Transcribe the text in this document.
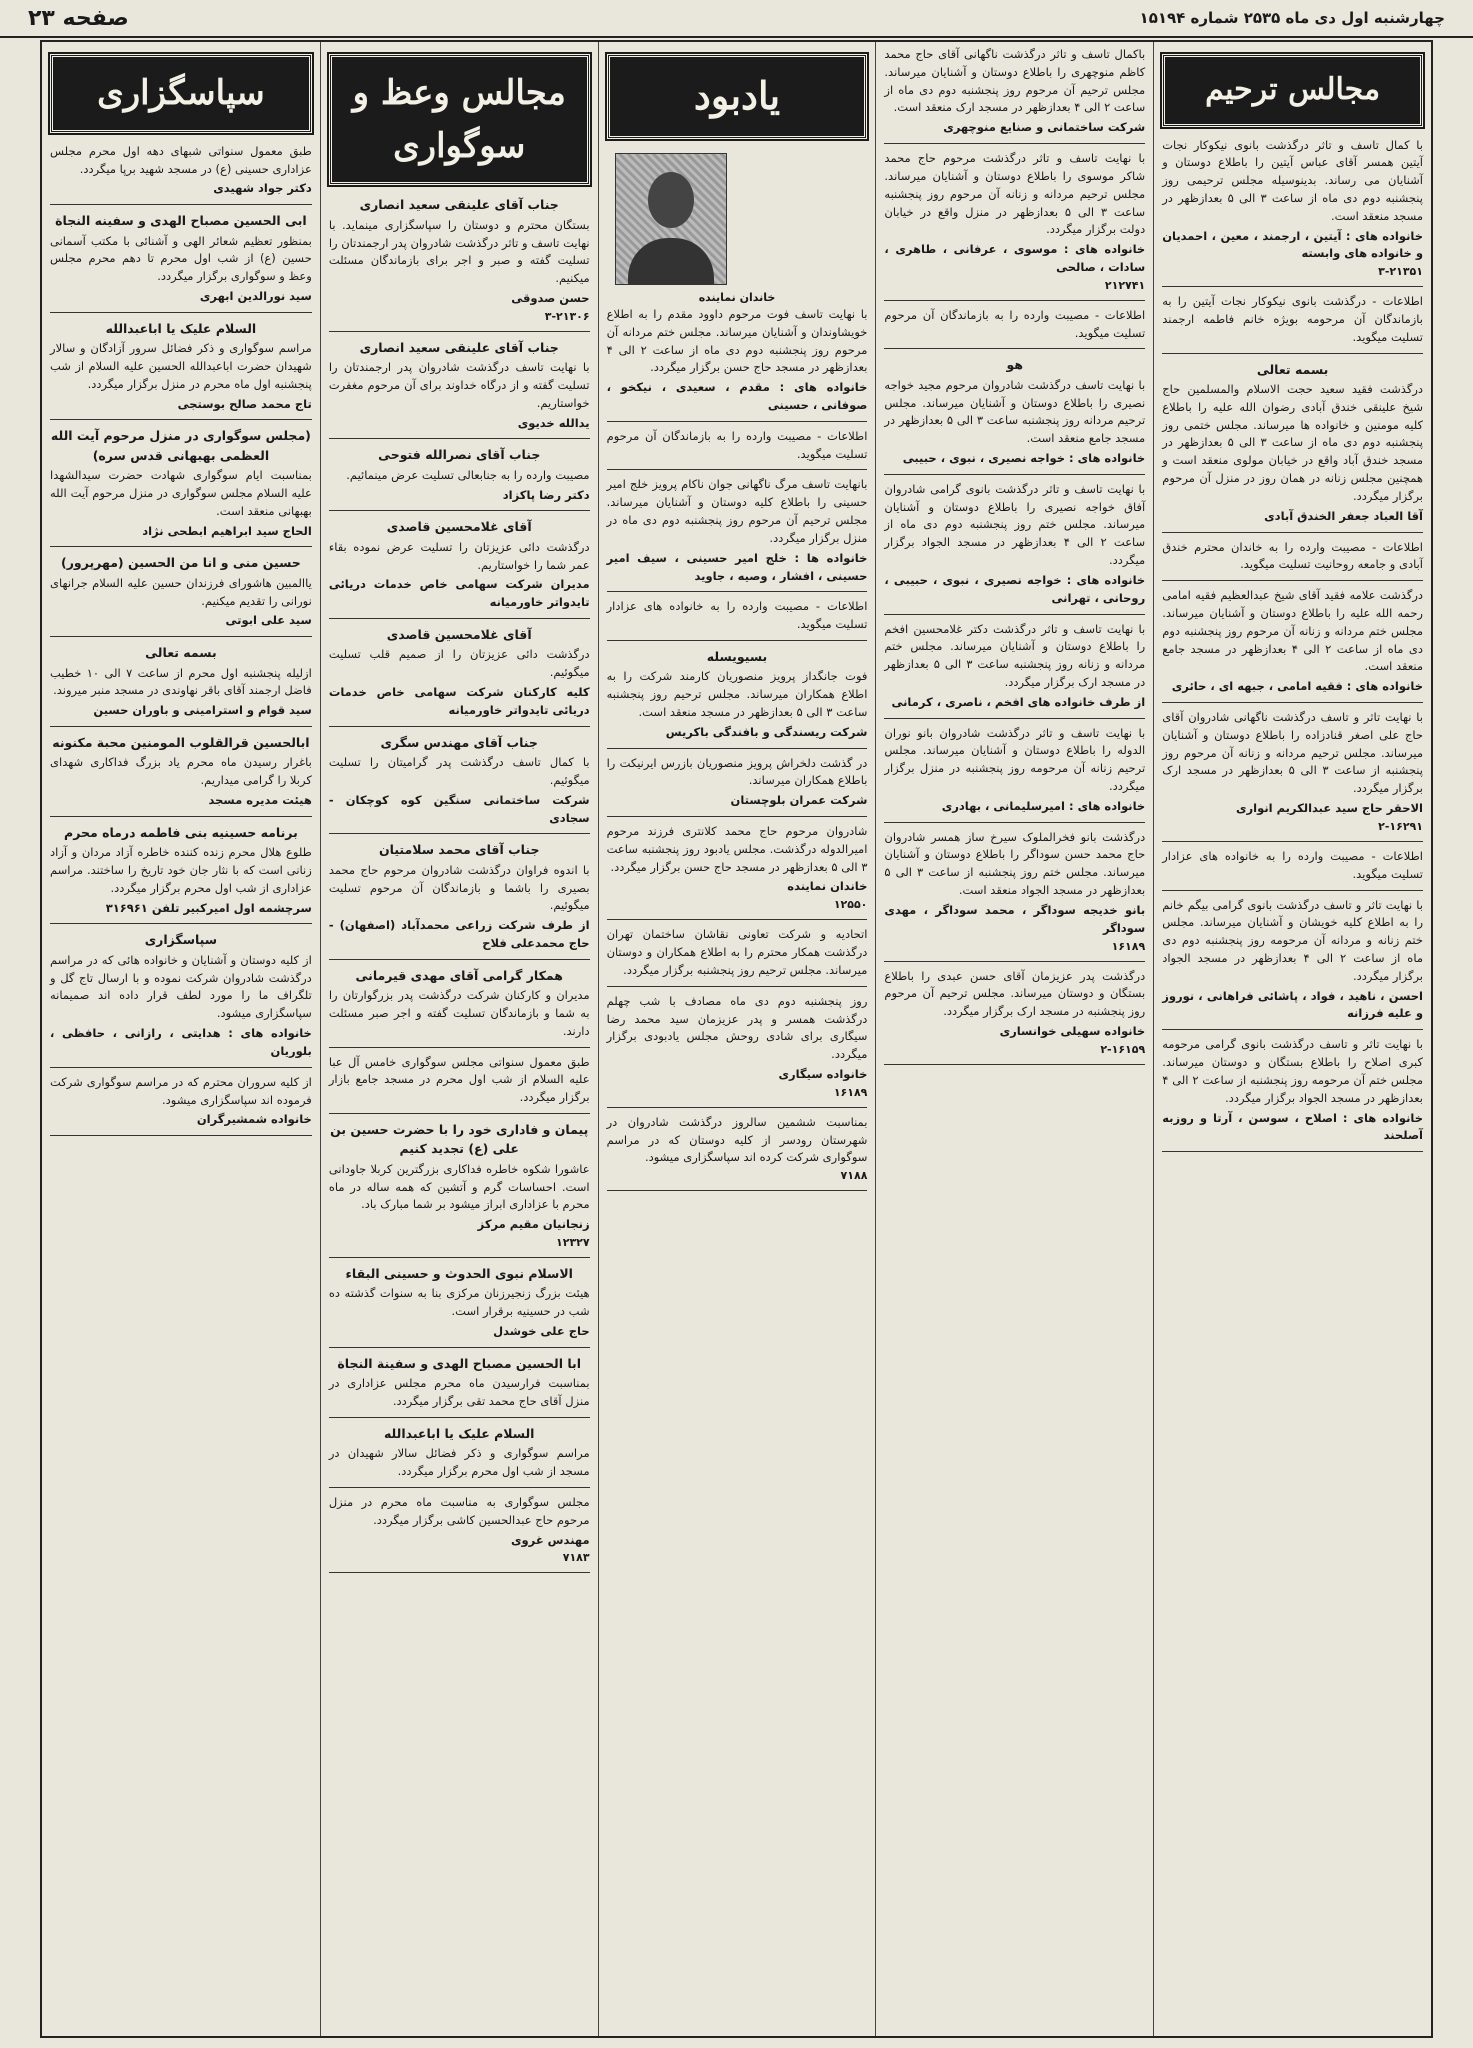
چهارشنبه اول دی ماه ۲۵۳۵ شماره ۱۵۱۹۴
صفحه ۲۳
مجالس ترحیم

با کمال تاسف و تاثر درگذشت بانوی نیکوکار نجات آیتین همسر آقای عباس آیتین را باطلاع دوستان و آشنایان می رساند. بدینوسیله مجلس ترحیمی روز پنجشنبه دوم دی ماه از ساعت ۳ الی ۵ بعدازظهر در مسجد منعقد است.

خانواده های : آیتین ، ارجمند ، معین ، احمدیان و خانواده های وابسته

۳-۲۱۳۵۱

اطلاعات - درگذشت بانوی نیکوکار نجات آیتین را به بازماندگان آن مرحومه بویژه خانم فاطمه ارجمند تسلیت میگوید.

بسمه تعالی

درگذشت فقید سعید حجت الاسلام والمسلمین حاج شیخ علینقی خندق آبادی رضوان الله علیه را باطلاع کلیه مومنین و خانواده ها میرساند. مجلس ختمی روز پنجشنبه دوم دی ماه از ساعت ۳ الی ۵ بعدازظهر در مسجد خندق آباد واقع در خیابان مولوی منعقد است و همچنین مجلس زنانه در همان روز در منزل آن مرحوم برگزار میگردد.

آقا العباد جعفر الخندق آبادی

اطلاعات - مصیبت وارده را به خاندان محترم خندق آبادی و جامعه روحانیت تسلیت میگوید.

درگذشت علامه فقید آقای شیخ عبدالعظیم فقیه امامی رحمه الله علیه را باطلاع دوستان و آشنایان میرساند. مجلس ختم مردانه و زنانه آن مرحوم روز پنجشنبه دوم دی ماه از ساعت ۲ الی ۴ بعدازظهر در مسجد جامع منعقد است.

خانواده های : فقیه امامی ، جبهه ای ، حائری

با نهایت تاثر و تاسف درگذشت ناگهانی شادروان آقای حاج علی اصغر قنادزاده را باطلاع دوستان و آشنایان میرساند. مجلس ترحیم مردانه و زنانه آن مرحوم روز پنجشنبه از ساعت ۳ الی ۵ بعدازظهر در مسجد ارک برگزار میگردد.

الاحقر حاج سید عبدالکریم انواری

۲-۱۶۲۹۱

اطلاعات - مصیبت وارده را به خانواده های عزادار تسلیت میگوید.

با نهایت تاثر و تاسف درگذشت بانوی گرامی بیگم خانم را به اطلاع کلیه خویشان و آشنایان میرساند. مجلس ختم زنانه و مردانه آن مرحومه روز پنجشنبه دوم دی ماه از ساعت ۲ الی ۴ بعدازظهر در مسجد الجواد برگزار میگردد.

احسن ، ناهید ، فواد ، پاشائی فراهانی ، نوروز و علیه فرزانه

با نهایت تاثر و تاسف درگذشت بانوی گرامی مرحومه کبری اصلاح را باطلاع بستگان و دوستان میرساند. مجلس ختم آن مرحومه روز پنجشنبه از ساعت ۲ الی ۴ بعدازظهر در مسجد الجواد برگزار میگردد.

خانواده های : اصلاح ، سوسن ، آرتا و روزبه آصلحند

باکمال تاسف و تاثر درگذشت ناگهانی آقای حاج محمد کاظم منوچهری را باطلاع دوستان و آشنایان میرساند. مجلس ترحیم آن مرحوم روز پنجشنبه دوم دی ماه از ساعت ۲ الی ۴ بعدازظهر در مسجد ارک منعقد است.

شرکت ساختمانی و صنایع منوچهری

با نهایت تاسف و تاثر درگذشت مرحوم حاج محمد شاکر موسوی را باطلاع دوستان و آشنایان میرساند. مجلس ترحیم مردانه و زنانه آن مرحوم روز پنجشنبه ساعت ۳ الی ۵ بعدازظهر در منزل واقع در خیابان دولت برگزار میگردد.

خانواده های : موسوی ، عرفانی ، طاهری ، سادات ، صالحی

۲۱۲۷۴۱

اطلاعات - مصیبت وارده را به بازماندگان آن مرحوم تسلیت میگوید.

هو

با نهایت تاسف درگذشت شادروان مرحوم مجید خواجه نصیری را باطلاع دوستان و آشنایان میرساند. مجلس ترحیم مردانه روز پنجشنبه ساعت ۳ الی ۵ بعدازظهر در مسجد جامع منعقد است.

خانواده های : خواجه نصیری ، نبوی ، حبیبی

با نهایت تاسف و تاثر درگذشت بانوی گرامی شادروان آفاق خواجه نصیری را باطلاع دوستان و آشنایان میرساند. مجلس ختم روز پنجشنبه دوم دی ماه از ساعت ۲ الی ۴ بعدازظهر در مسجد الجواد برگزار میگردد.

خانواده های : خواجه نصیری ، نبوی ، حبیبی ، روحانی ، تهرانی

با نهایت تاسف و تاثر درگذشت دکتر غلامحسین افخم را باطلاع دوستان و آشنایان میرساند. مجلس ختم مردانه و زنانه روز پنجشنبه ساعت ۳ الی ۵ بعدازظهر در مسجد ارک برگزار میگردد.

از طرف خانواده های افخم ، ناصری ، کرمانی

با نهایت تاسف و تاثر درگذشت شادروان بانو نوران الدوله را باطلاع دوستان و آشنایان میرساند. مجلس ترحیم زنانه آن مرحومه روز پنجشنبه در منزل برگزار میگردد.

خانواده های : امیرسلیمانی ، بهادری

درگذشت بانو فخرالملوک سیرخ ساز همسر شادروان حاج محمد حسن سوداگر را باطلاع دوستان و آشنایان میرساند. مجلس ختم روز پنجشنبه از ساعت ۳ الی ۵ بعدازظهر در مسجد الجواد منعقد است.

بانو خدیجه سوداگر ، محمد سوداگر ، مهدی سوداگر

۱۶۱۸۹

درگذشت پدر عزیزمان آقای حسن عبدی را باطلاع بستگان و دوستان میرساند. مجلس ترحیم آن مرحوم روز پنجشنبه در مسجد ارک برگزار میگردد.

خانواده سهیلی خوانساری

۲-۱۶۱۵۹

یادبود
خاندان نماینده

با نهایت تاسف فوت مرحوم داوود مقدم را به اطلاع خویشاوندان و آشنایان میرساند. مجلس ختم مردانه آن مرحوم روز پنجشنبه دوم دی ماه از ساعت ۲ الی ۴ بعدازظهر در مسجد حاج حسن برگزار میگردد.

خانواده های : مقدم ، سعیدی ، نیکخو ، صوفانی ، حسینی

اطلاعات - مصیبت وارده را به بازماندگان آن مرحوم تسلیت میگوید.

بانهایت تاسف مرگ ناگهانی جوان ناکام پرویز خلج امیر حسینی را باطلاع کلیه دوستان و آشنایان میرساند. مجلس ترحیم آن مرحوم روز پنجشنبه دوم دی ماه در منزل برگزار میگردد.

خانواده ها : خلج امیر حسینی ، سیف امیر حسینی ، افشار ، وصیه ، جاوید

اطلاعات - مصیبت وارده را به خانواده های عزادار تسلیت میگوید.

بسیویسله

فوت جانگداز پرویز منصوریان کارمند شرکت را به اطلاع همکاران میرساند. مجلس ترحیم روز پنجشنبه ساعت ۳ الی ۵ بعدازظهر در مسجد منعقد است.

شرکت ریسندگی و بافندگی باکریس

در گذشت دلخراش پرویز منصوریان بازرس ایرنیکت را باطلاع همکاران میرساند.

شرکت عمران بلوچستان

شادروان مرحوم حاج محمد کلانتری فرزند مرحوم امیرالدوله درگذشت. مجلس یادبود روز پنجشنبه ساعت ۳ الی ۵ بعدازظهر در مسجد حاج حسن برگزار میگردد.

خاندان نماینده

۱۲۵۵۰

اتحادیه و شرکت تعاونی نقاشان ساختمان تهران درگذشت همکار محترم را به اطلاع همکاران و دوستان میرساند. مجلس ترحیم روز پنجشنبه برگزار میگردد.

روز پنجشنبه دوم دی ماه مصادف با شب چهلم درگذشت همسر و پدر عزیزمان سید محمد رضا سیگاری برای شادی روحش مجلس یادبودی برگزار میگردد.

خانواده سیگاری

۱۶۱۸۹

بمناسبت ششمین سالروز درگذشت شادروان در شهرستان رودسر از کلیه دوستان که در مراسم سوگواری شرکت کرده اند سپاسگزاری میشود.

۷۱۸۸

مجالس وعظ و سوگواری

جناب آقای علینقی سعید انصاری

بستگان محترم و دوستان را سپاسگزاری مینماید. با نهایت تاسف و تاثر درگذشت شادروان پدر ارجمندتان را تسلیت گفته و صبر و اجر برای بازماندگان مسئلت میکنیم.

حسن صدوقی

۳-۲۱۳۰۶

جناب آقای علینقی سعید انصاری

با نهایت تاسف درگذشت شادروان پدر ارجمندتان را تسلیت گفته و از درگاه خداوند برای آن مرحوم مغفرت خواستاریم.

یدالله خدیوی

جناب آقای نصرالله فتوحی

مصیبت وارده را به جنابعالی تسلیت عرض مینمائیم.

دکتر رضا پاکزاد

آقای غلامحسین قاصدی

درگذشت دائی عزیزتان را تسلیت عرض نموده بقاء عمر شما را خواستاریم.

مدیران شرکت سهامی خاص خدمات دریائی تایدواتر خاورمیانه

آقای غلامحسین قاصدی

درگذشت دائی عزیزتان را از صمیم قلب تسلیت میگوئیم.

کلیه کارکنان شرکت سهامی خاص خدمات دریائی تایدواتر خاورمیانه

جناب آقای مهندس سگری

با کمال تاسف درگذشت پدر گرامیتان را تسلیت میگوئیم.

شرکت ساختمانی سنگین کوه کوچکان - سجادی

جناب آقای محمد سلامتیان

با اندوه فراوان درگذشت شادروان مرحوم حاج محمد بصیری را باشما و بازماندگان آن مرحوم تسلیت میگوئیم.

از طرف شرکت زراعی محمدآباد (اصفهان) - حاج محمدعلی فلاح

همکار گرامی آقای مهدی قیرمانی

مدیران و کارکنان شرکت درگذشت پدر بزرگوارتان را به شما و بازماندگان تسلیت گفته و اجر صبر مسئلت دارند.

طبق معمول سنواتی مجلس سوگواری خامس آل عبا علیه السلام از شب اول محرم در مسجد جامع بازار برگزار میگردد.

پیمان و فاداری خود را با حضرت حسین بن علی (ع) تجدید کنیم

عاشورا شکوه خاطره فداکاری بزرگترین کربلا جاودانی است. احساسات گرم و آتشین که همه ساله در ماه محرم با عزاداری ابراز میشود بر شما مبارک باد.

زنجانیان مقیم مرکز

۱۲۳۲۷

الاسلام نبوی الحدوث و حسینی البقاء

هیئت بزرگ زنجیرزنان مرکزی بنا به سنوات گذشته ده شب در حسینیه برقرار است.

حاج علی خوشدل

ابا الحسین مصباح الهدی و سفینة النجاة

بمناسبت فرارسیدن ماه محرم مجلس عزاداری در منزل آقای حاج محمد تقی برگزار میگردد.

السلام علیک یا اباعبدالله

مراسم سوگواری و ذکر فضائل سالار شهیدان در مسجد از شب اول محرم برگزار میگردد.

مجلس سوگواری به مناسبت ماه محرم در منزل مرحوم حاج عبدالحسین کاشی برگزار میگردد.

مهندس غروی

۷۱۸۳

سپاسگزاری

طبق معمول سنواتی شبهای دهه اول محرم مجلس عزاداری حسینی (ع) در مسجد شهید برپا میگردد.

دکتر جواد شهیدی

ابی الحسین مصباح الهدی و سفینه النجاة

بمنظور تعظیم شعائر الهی و آشنائی با مکتب آسمانی حسین (ع) از شب اول محرم تا دهم محرم مجلس وعظ و سوگواری برگزار میگردد.

سید نورالدین ابهری

السلام علیک یا اباعبدالله

مراسم سوگواری و ذکر فضائل سرور آزادگان و سالار شهیدان حضرت اباعبدالله الحسین علیه السلام از شب پنجشنبه اول ماه محرم در منزل برگزار میگردد.

تاج محمد صالح بوستجی

(مجلس سوگواری در منزل مرحوم آیت الله العظمی بهبهانی قدس سره)

بمناسبت ایام سوگواری شهادت حضرت سیدالشهدا علیه السلام مجلس سوگواری در منزل مرحوم آیت الله بهبهانی منعقد است.

الحاج سید ابراهیم ابطحی نژاد

حسین منی و انا من الحسین (مهرپرور)

یاالمبین هاشورای فرزندان حسین علیه السلام جرانهای نورانی را تقدیم میکنیم.

سید علی ابوتی

بسمه تعالی

ازلیله پنجشنبه اول محرم از ساعت ۷ الی ۱۰ خطیب فاضل ارجمند آقای باقر نهاوندی در مسجد منبر میروند.

سید قوام و استرامینی و باوران حسین

ابالحسین قرالقلوب المومنین محبة مکنونه

باغرار رسیدن ماه محرم یاد بزرگ فداکاری شهدای کربلا را گرامی میداریم.

هیئت مدیره مسجد

برنامه حسینیه بنی فاطمه درماه محرم

طلوع هلال محرم زنده کننده خاطره آزاد مردان و آزاد زنانی است که با نثار جان خود تاریخ را ساختند. مراسم عزاداری از شب اول محرم برگزار میگردد.

سرچشمه اول امیرکبیر تلفن ۳۱۶۹۶۱

سپاسگزاری

از کلیه دوستان و آشنایان و خانواده هائی که در مراسم درگذشت شادروان شرکت نموده و با ارسال تاج گل و تلگراف ما را مورد لطف قرار داده اند صمیمانه سپاسگزاری میشود.

خانواده های : هدایتی ، رازانی ، حافظی ، بلوریان

از کلیه سروران محترم که در مراسم سوگواری شرکت فرموده اند سپاسگزاری میشود.

خانواده شمشیرگران
